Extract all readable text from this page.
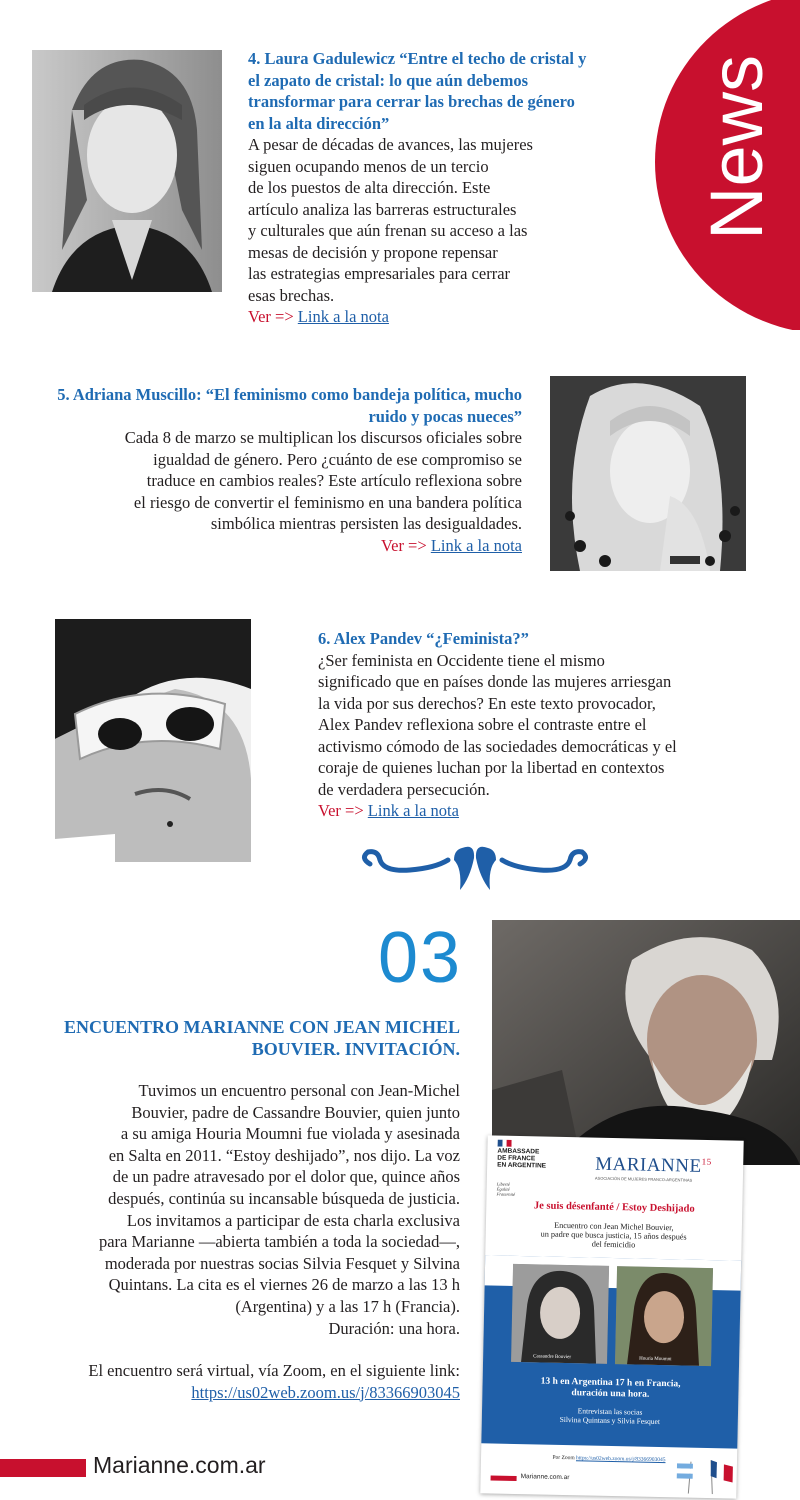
News

4. Laura Gadulewicz “Entre el techo de cristal y el zapato de cristal: lo que aún debemos transformar para cerrar las brechas de género en la alta dirección”

A pesar de décadas de avances, las mujeres
siguen ocupando menos de un tercio
de los puestos de alta dirección. Este
artículo analiza las barreras estructurales
y culturales que aún frenan su acceso a las
mesas de decisión y propone repensar
las estrategias empresariales para cerrar
esas brechas.

Ver => Link a la nota

5. Adriana Muscillo: “El feminismo como bandeja política, mucho ruido y pocas nueces”

Cada 8 de marzo se multiplican los discursos oficiales sobre
igualdad de género. Pero ¿cuánto de ese compromiso se
traduce en cambios reales? Este artículo reflexiona sobre
el riesgo de convertir el feminismo en una bandera política
simbólica mientras persisten las desigualdades.

Ver => Link a la nota

6. Alex Pandev “¿Feminista?”

¿Ser feminista en Occidente tiene el mismo
significado que en países donde las mujeres arriesgan
la vida por sus derechos? En este texto provocador,
Alex Pandev reflexiona sobre el contraste entre el
activismo cómodo de las sociedades democráticas y el
coraje de quienes luchan por la libertad en contextos
de verdadera persecución.

Ver => Link a la nota

03

ENCUENTRO MARIANNE CON JEAN MICHEL BOUVIER. INVITACIÓN.

Tuvimos un encuentro personal con Jean-Michel
Bouvier, padre de Cassandre Bouvier, quien junto
a su amiga Houria Moumni fue violada y asesinada
en Salta en 2011. “Estoy deshijado”, nos dijo. La voz
de un padre atravesado por el dolor que, quince años
después, continúa su incansable búsqueda de justicia.
Los invitamos a participar de esta charla exclusiva
para Marianne —abierta también a toda la sociedad—,
moderada por nuestras socias Silvia Fesquet y Silvina
Quintans. La cita es el viernes 26 de marzo a las 13 h
(Argentina) y a las 17 h (Francia).
Duración: una hora.

El encuentro será virtual, vía Zoom, en el siguiente link: https://us02web.zoom.us/j/83366903045

AMBASSADE
DE FRANCE
EN ARGENTINE
Liberté
Égalité
Fraternité
MARIANNE$^{15}$
ASOCIACIÓN DE MUJERES FRANCO-ARGENTINAS
Je suis désenfanté / Estoy Deshijado
Encuentro con Jean Michel Bouvier,
un padre que busca justicia, 15 años después
del femicidio
Cassandre Bouvier	Houria Moumni
13 h en Argentina 17 h en Francia,
duración una hora.
Entrevistan las socias
Silvina Quintans y Silvia Fesquet
Por Zoom https://us02web.zoom.us/j/83366903045
Marianne.com.ar
Marianne.com.ar
